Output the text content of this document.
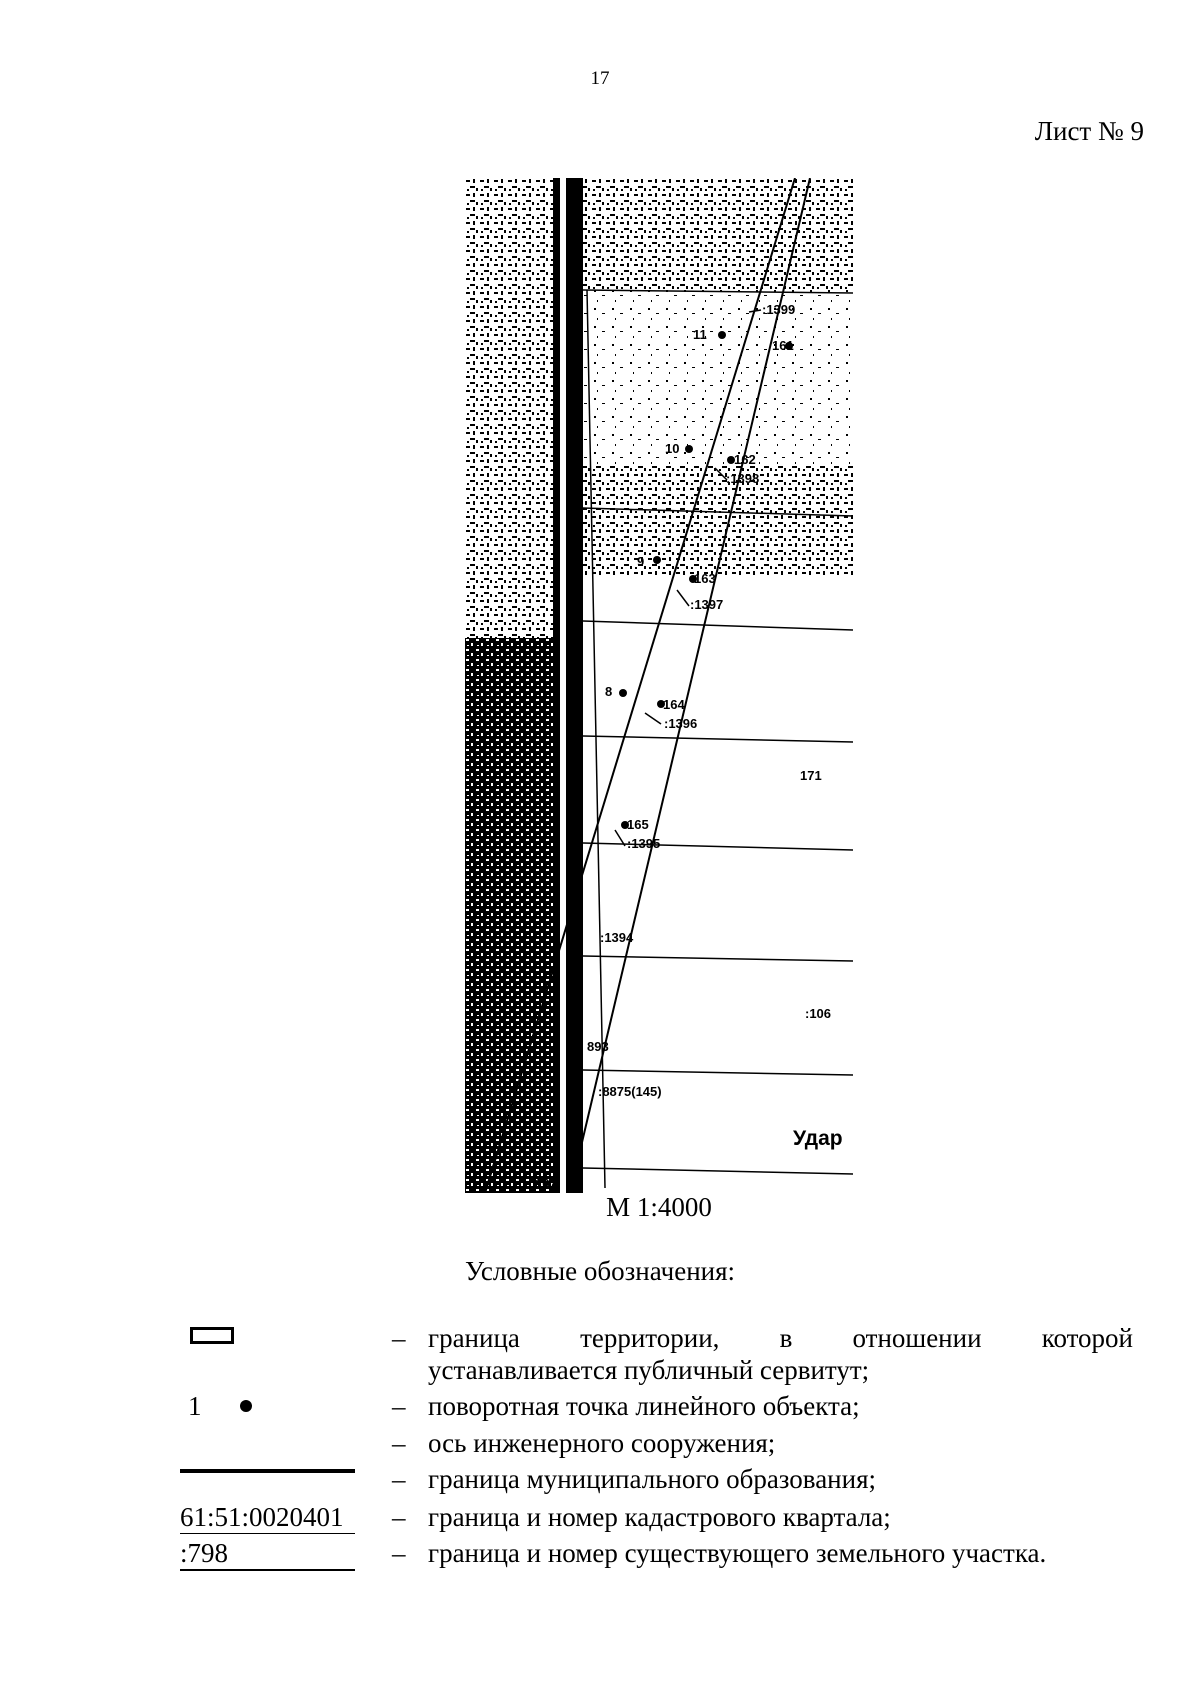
17
Лист № 9
11
10
9
8
161
:1399
162
:1398
163
:1397
164
:1396
171
165
:1395
:1394
:106
893
:8875(145)
167
Удар
М 1:4000
Условные обозначения:
– граница территории, в отношении которой
устанавливается публичный сервитут;
1	– поворотная точка линейного объекта;
– ось инженерного сооружения;
– граница муниципального образования;
61:51:0020401	– граница и номер кадастрового квартала;
:798	– граница и номер существующего земельного участка.
